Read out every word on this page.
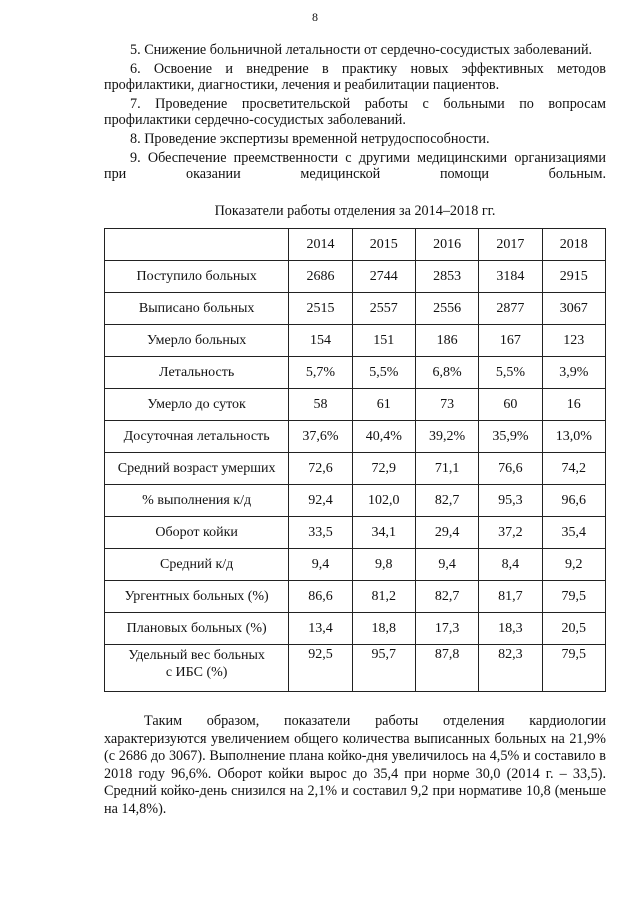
8

5. Снижение больничной летальности от сердечно-сосудистых заболеваний.

6. Освоение и внедрение в практику новых эффективных методов профилактики, диагностики, лечения и реабилитации пациентов.

7. Проведение просветительской работы с больными по вопросам профилактики сердечно-сосудистых заболеваний.

8. Проведение экспертизы временной нетрудоспособности.

9. Обеспечение преемственности с другими медицинскими организациями при оказании медицинской помощи больным.

Показатели работы отделения за 2014–2018 гг.
	2014	2015	2016	2017	2018
Поступило больных	2686	2744	2853	3184	2915
Выписано больных	2515	2557	2556	2877	3067
Умерло больных	154	151	186	167	123
Летальность	5,7%	5,5%	6,8%	5,5%	3,9%
Умерло до суток	58	61	73	60	16
Досуточная летальность	37,6%	40,4%	39,2%	35,9%	13,0%
Средний возраст умерших	72,6	72,9	71,1	76,6	74,2
% выполнения к/д	92,4	102,0	82,7	95,3	96,6
Оборот койки	33,5	34,1	29,4	37,2	35,4
Средний к/д	9,4	9,8	9,4	8,4	9,2
Ургентных больных (%)	86,6	81,2	82,7	81,7	79,5
Плановых больных (%)	13,4	18,8	17,3	18,3	20,5
Удельный вес больных
с ИБС (%)	92,5	95,7	87,8	82,3	79,5

Таким образом, показатели работы отделения кардиологии характеризуются увеличением общего количества выписанных больных на 21,9% (с 2686 до 3067). Выполнение плана койко-дня увеличилось на 4,5% и составило в 2018 году 96,6%. Оборот койки вырос до 35,4 при норме 30,0 (2014 г. – 33,5). Средний койко-день снизился на 2,1% и составил 9,2 при нормативе 10,8 (меньше на 14,8%).
